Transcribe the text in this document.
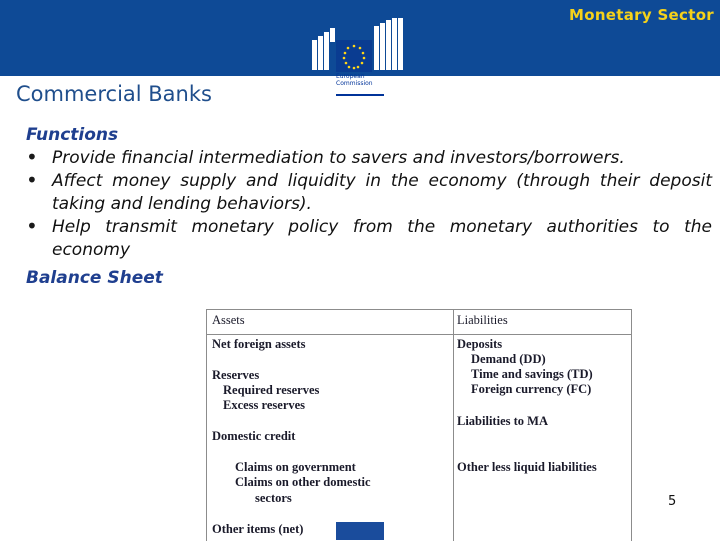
Monetary Sector
European
Commission
Commercial Banks
Functions
• Provide financial intermediation to savers and investors/borrowers.
• Affect money supply and liquidity in the economy (through their deposit taking and lending behaviors).
• Help transmit monetary policy from the monetary authorities to the economy
Balance Sheet
Assets	Liabilities
Net foreign assets
Reserves
Required reserves
Excess reserves
Domestic credit
Claims on government
Claims on other domestic
sectors
Other items (net)
Deposits
Demand (DD)
Time and savings (TD)
Foreign currency (FC)
Liabilities to MA
Other less liquid liabilities
5
